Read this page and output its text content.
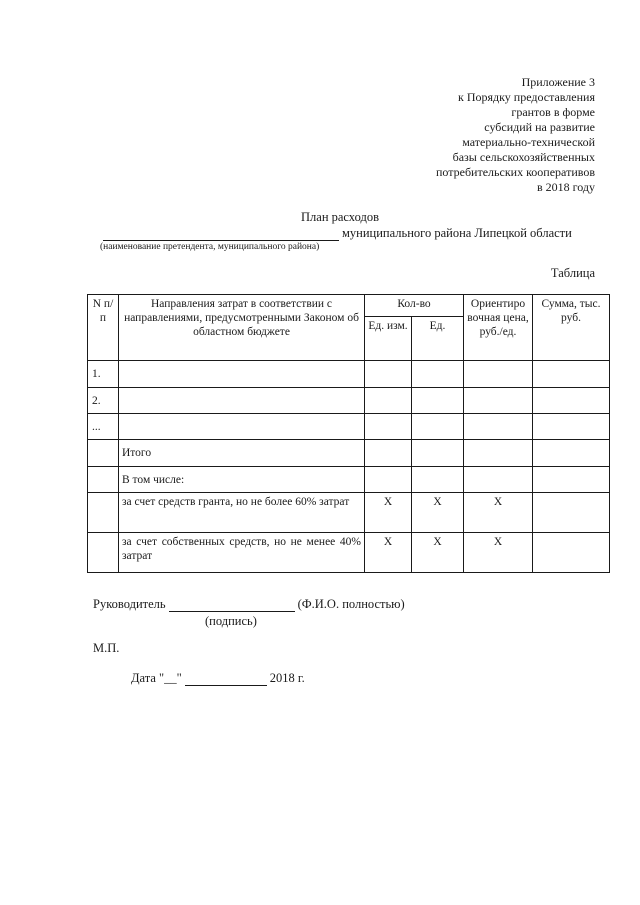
Приложение 3
к Порядку предоставления
грантов в форме
субсидий на развитие
материально-технической
базы сельскохозяйственных
потребительских кооперативов
в 2018 году
План расходов
муниципального района Липецкой области
(наименование претендента, муниципального района)
Таблица
N п/п	Направления затрат в соответствии с направлениями, предусмотренными Законом об областном бюджете	Кол-во		Ориентиро вочная цена, руб./ед.	Сумма, тыс. руб.
		Ед. изм.	Ед.		
1.					
2.					
...					
	Итого				
	В том числе:				
	за счет средств гранта, но не более 60% затрат	X	X	X	
	за счет собственных средств, но не менее 40% затрат	X	X	X	
Руководитель	(Ф.И.О. полностью)
(подпись)
М.П.
Дата "__"	2018 г.
